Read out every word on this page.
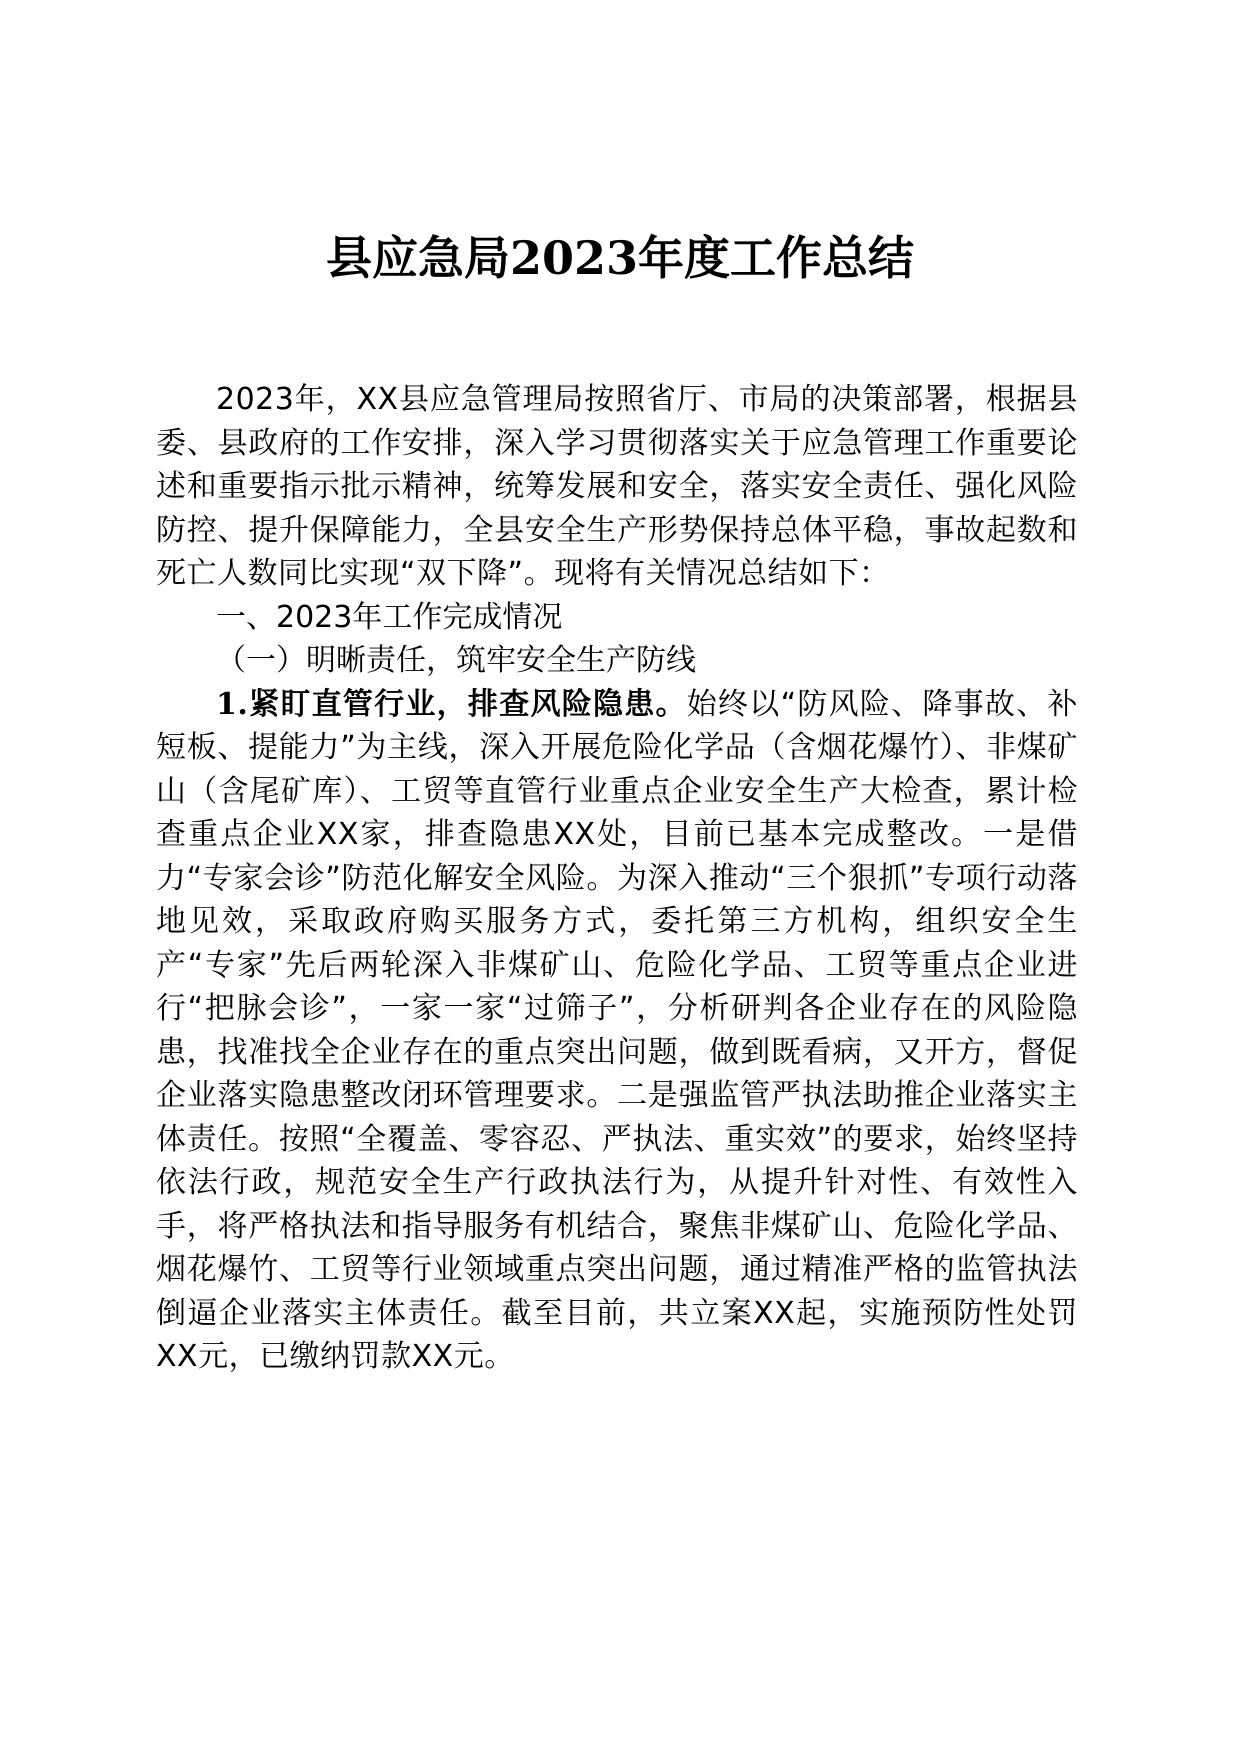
县应急局2023年度工作总结

2023年，XX县应急管理局按照省厅、市局的决策部署，根据县委、县政府的工作安排，深入学习贯彻落实关于应急管理工作重要论述和重要指示批示精神，统筹发展和安全，落实安全责任、强化风险防控、提升保障能力，全县安全生产形势保持总体平稳，事故起数和死亡人数同比实现“双下降”。现将有关情况总结如下：

一、2023年工作完成情况

（一）明晰责任，筑牢安全生产防线

1.紧盯直管行业，排查风险隐患。始终以“防风险、降事故、补短板、提能力”为主线，深入开展危险化学品（含烟花爆竹）、非煤矿山（含尾矿库）、工贸等直管行业重点企业安全生产大检查，累计检查重点企业XX家，排查隐患XX处，目前已基本完成整改。一是借力“专家会诊”防范化解安全风险。为深入推动“三个狠抓”专项行动落地见效，采取政府购买服务方式，委托第三方机构，组织安全生产“专家”先后两轮深入非煤矿山、危险化学品、工贸等重点企业进行“把脉会诊”，一家一家“过筛子”，分析研判各企业存在的风险隐患，找准找全企业存在的重点突出问题，做到既看病，又开方，督促企业落实隐患整改闭环管理要求。二是强监管严执法助推企业落实主体责任。按照“全覆盖、零容忍、严执法、重实效”的要求，始终坚持依法行政，规范安全生产行政执法行为，从提升针对性、有效性入手，将严格执法和指导服务有机结合，聚焦非煤矿山、危险化学品、烟花爆竹、工贸等行业领域重点突出问题，通过精准严格的监管执法倒逼企业落实主体责任。截至目前，共立案XX起，实施预防性处罚XX元，已缴纳罚款XX元。
